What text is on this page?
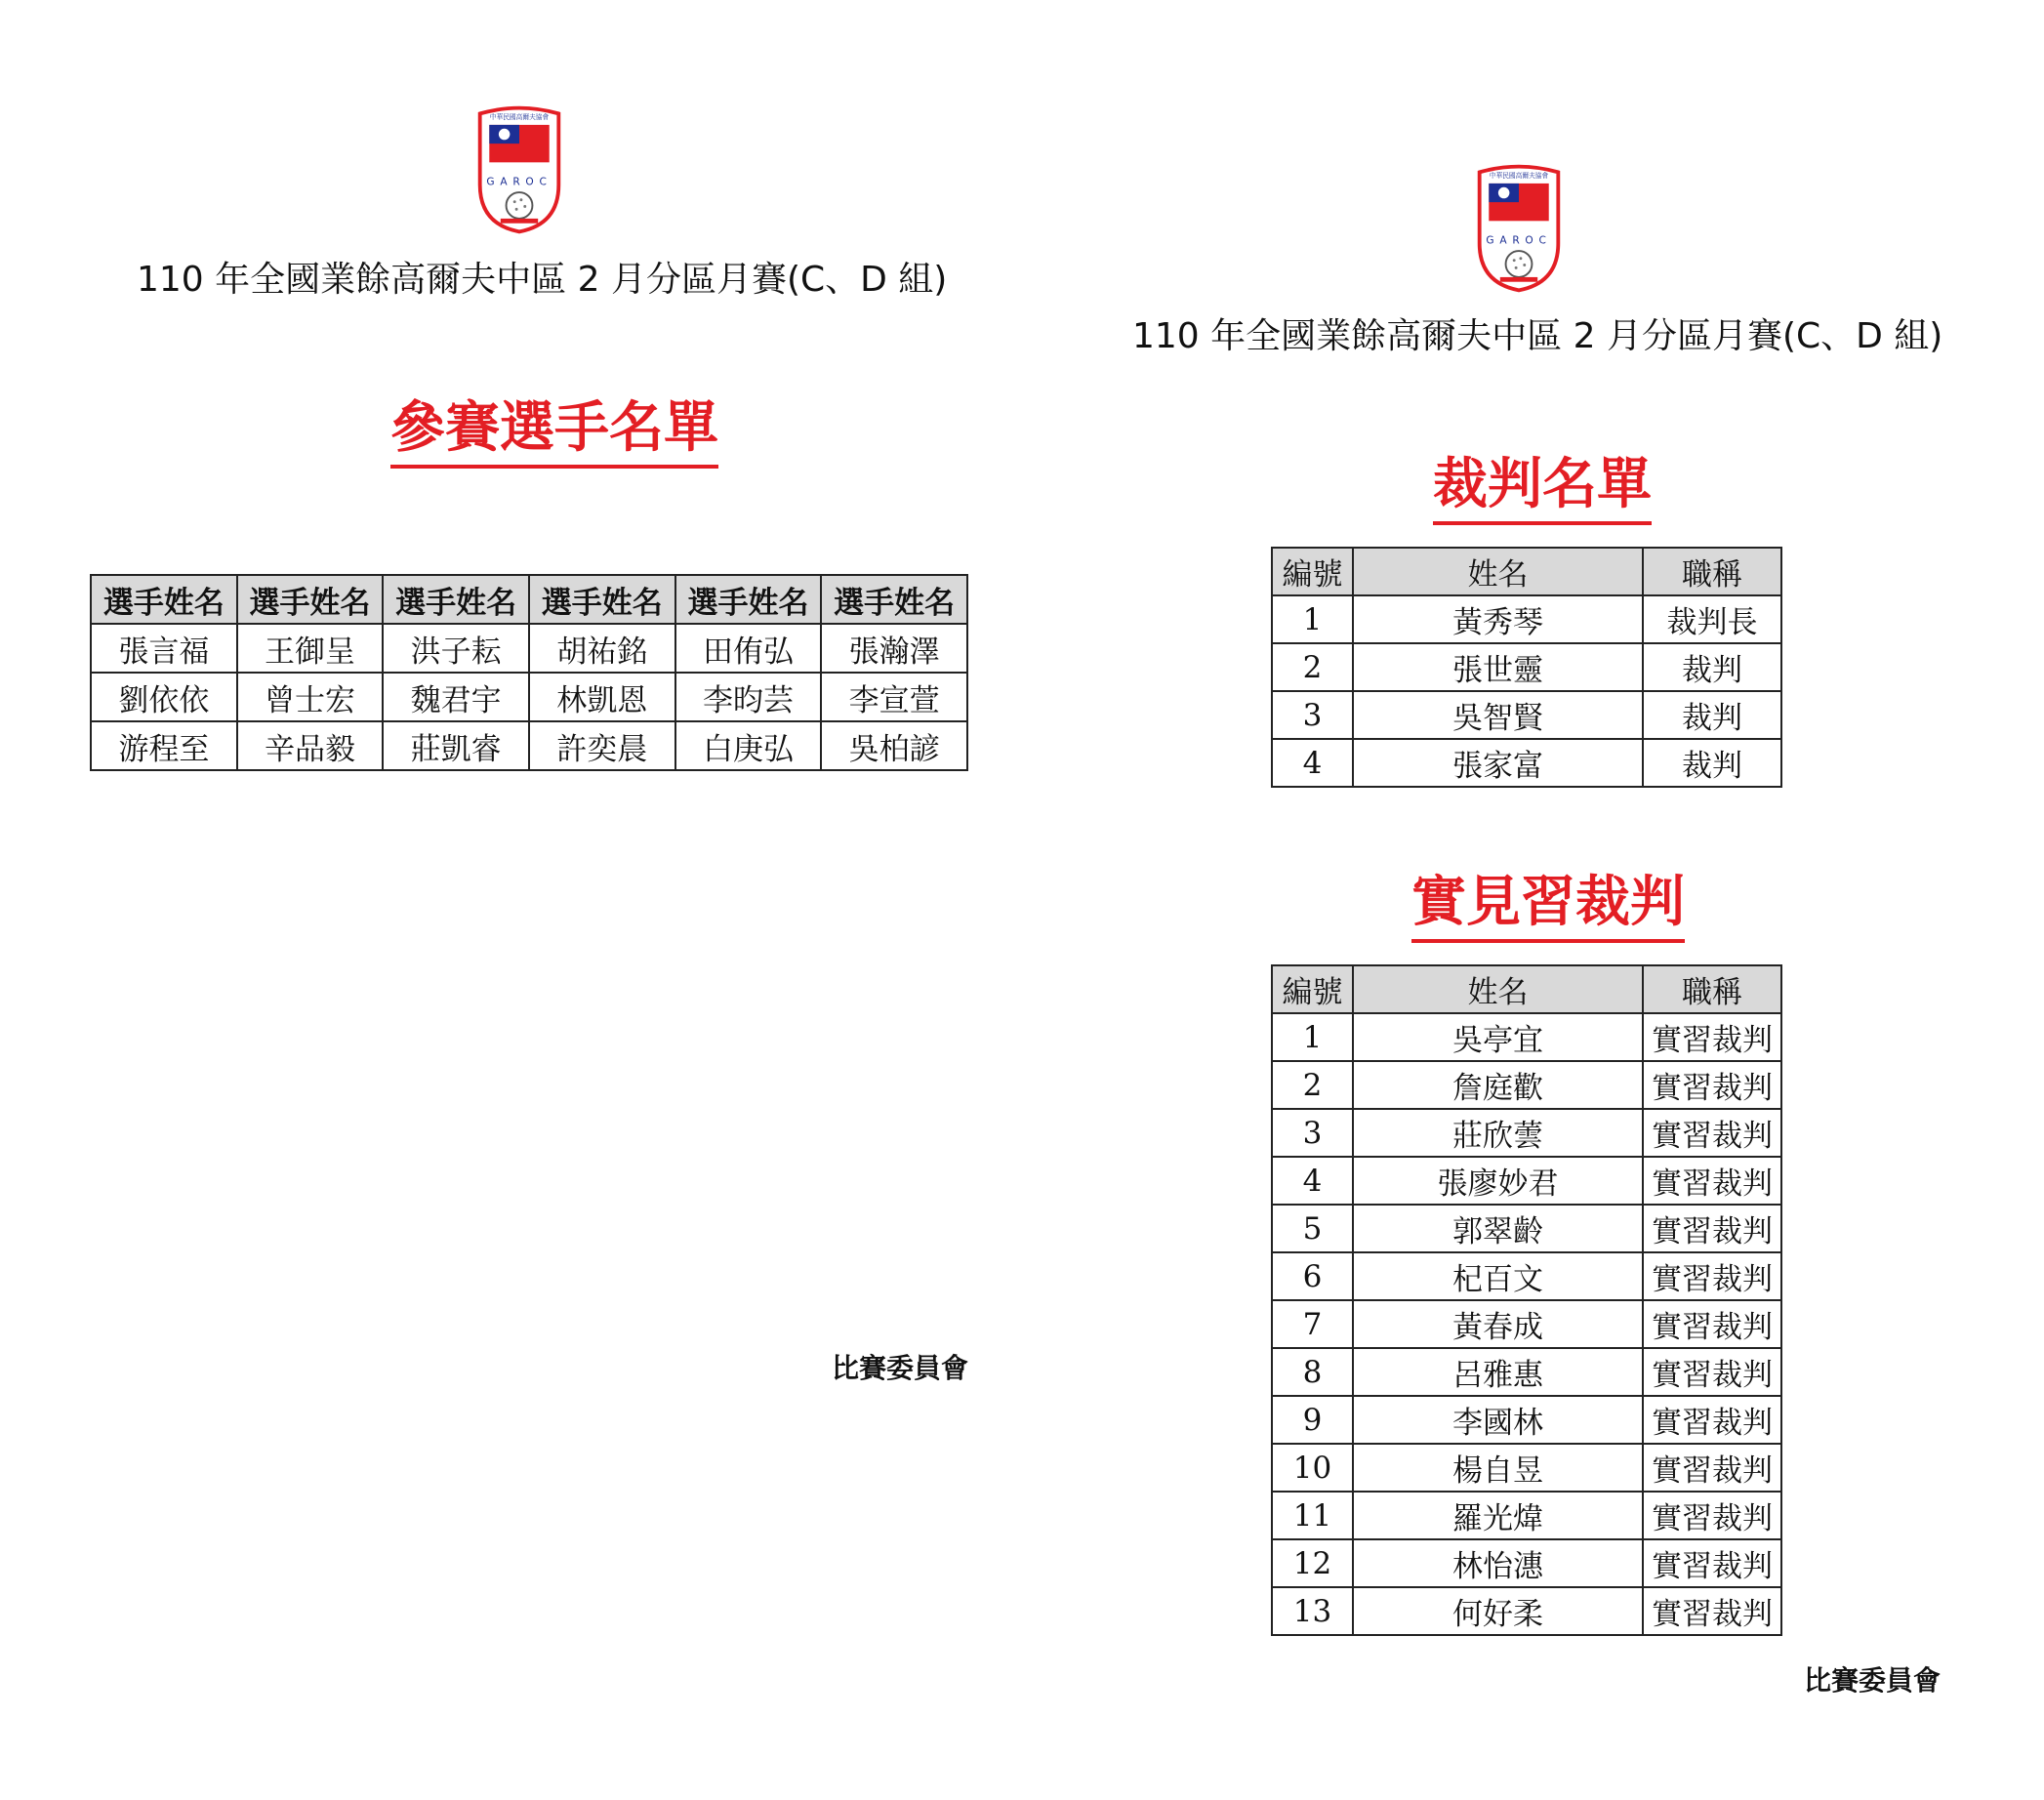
中華民國高爾夫協會
GAROC
110 年全國業餘高爾夫中區 2 月分區月賽(C、D 組)
參賽選手名單
選手姓名	選手姓名	選手姓名	選手姓名	選手姓名	選手姓名
張言福	王御呈	洪子耘	胡祐銘	田侑弘	張瀚澤
劉依依	曾士宏	魏君宇	林凱恩	李昀芸	李宣萱
游程至	辛品毅	莊凱睿	許奕晨	白庚弘	吳柏諺
比賽委員會
中華民國高爾夫協會
GAROC
110 年全國業餘高爾夫中區 2 月分區月賽(C、D 組)
裁判名單
編號	姓名	職稱
1	黃秀琴	裁判長
2	張世靈	裁判
3	吳智賢	裁判
4	張家富	裁判
實見習裁判
編號	姓名	職稱
1	吳亭宜	實習裁判
2	詹庭歡	實習裁判
3	莊欣蕓	實習裁判
4	張廖妙君	實習裁判
5	郭翠齡	實習裁判
6	杞百文	實習裁判
7	黃春成	實習裁判
8	呂雅惠	實習裁判
9	李國林	實習裁判
10	楊自昱	實習裁判
11	羅光煒	實習裁判
12	林怡潓	實習裁判
13	何好柔	實習裁判
比賽委員會
